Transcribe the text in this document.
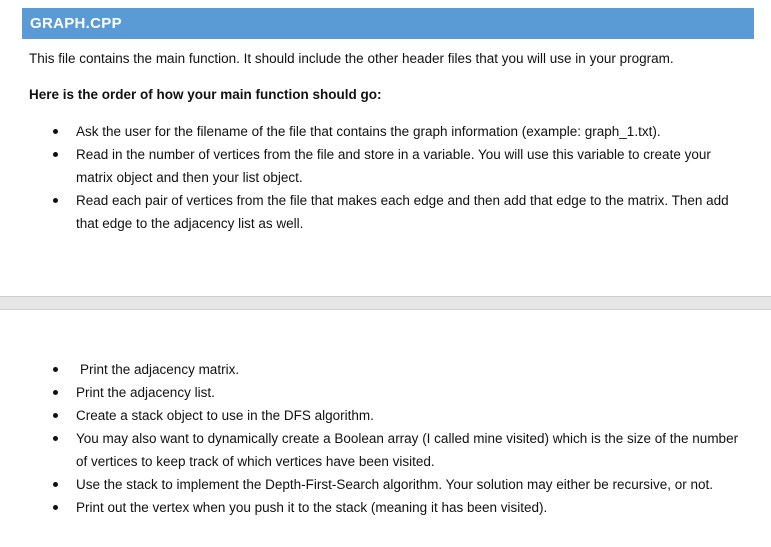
GRAPH.CPP
This file contains the main function. It should include the other header files that you will use in your program.
Here is the order of how your main function should go:
Ask the user for the filename of the file that contains the graph information (example: graph_1.txt).
Read in the number of vertices from the file and store in a variable. You will use this variable to create your matrix object and then your list object.
Read each pair of vertices from the file that makes each edge and then add that edge to the matrix. Then add that edge to the adjacency list as well.
Print the adjacency matrix.
Print the adjacency list.
Create a stack object to use in the DFS algorithm.
You may also want to dynamically create a Boolean array (I called mine visited) which is the size of the number of vertices to keep track of which vertices have been visited.
Use the stack to implement the Depth-First-Search algorithm. Your solution may either be recursive, or not.
Print out the vertex when you push it to the stack (meaning it has been visited).
